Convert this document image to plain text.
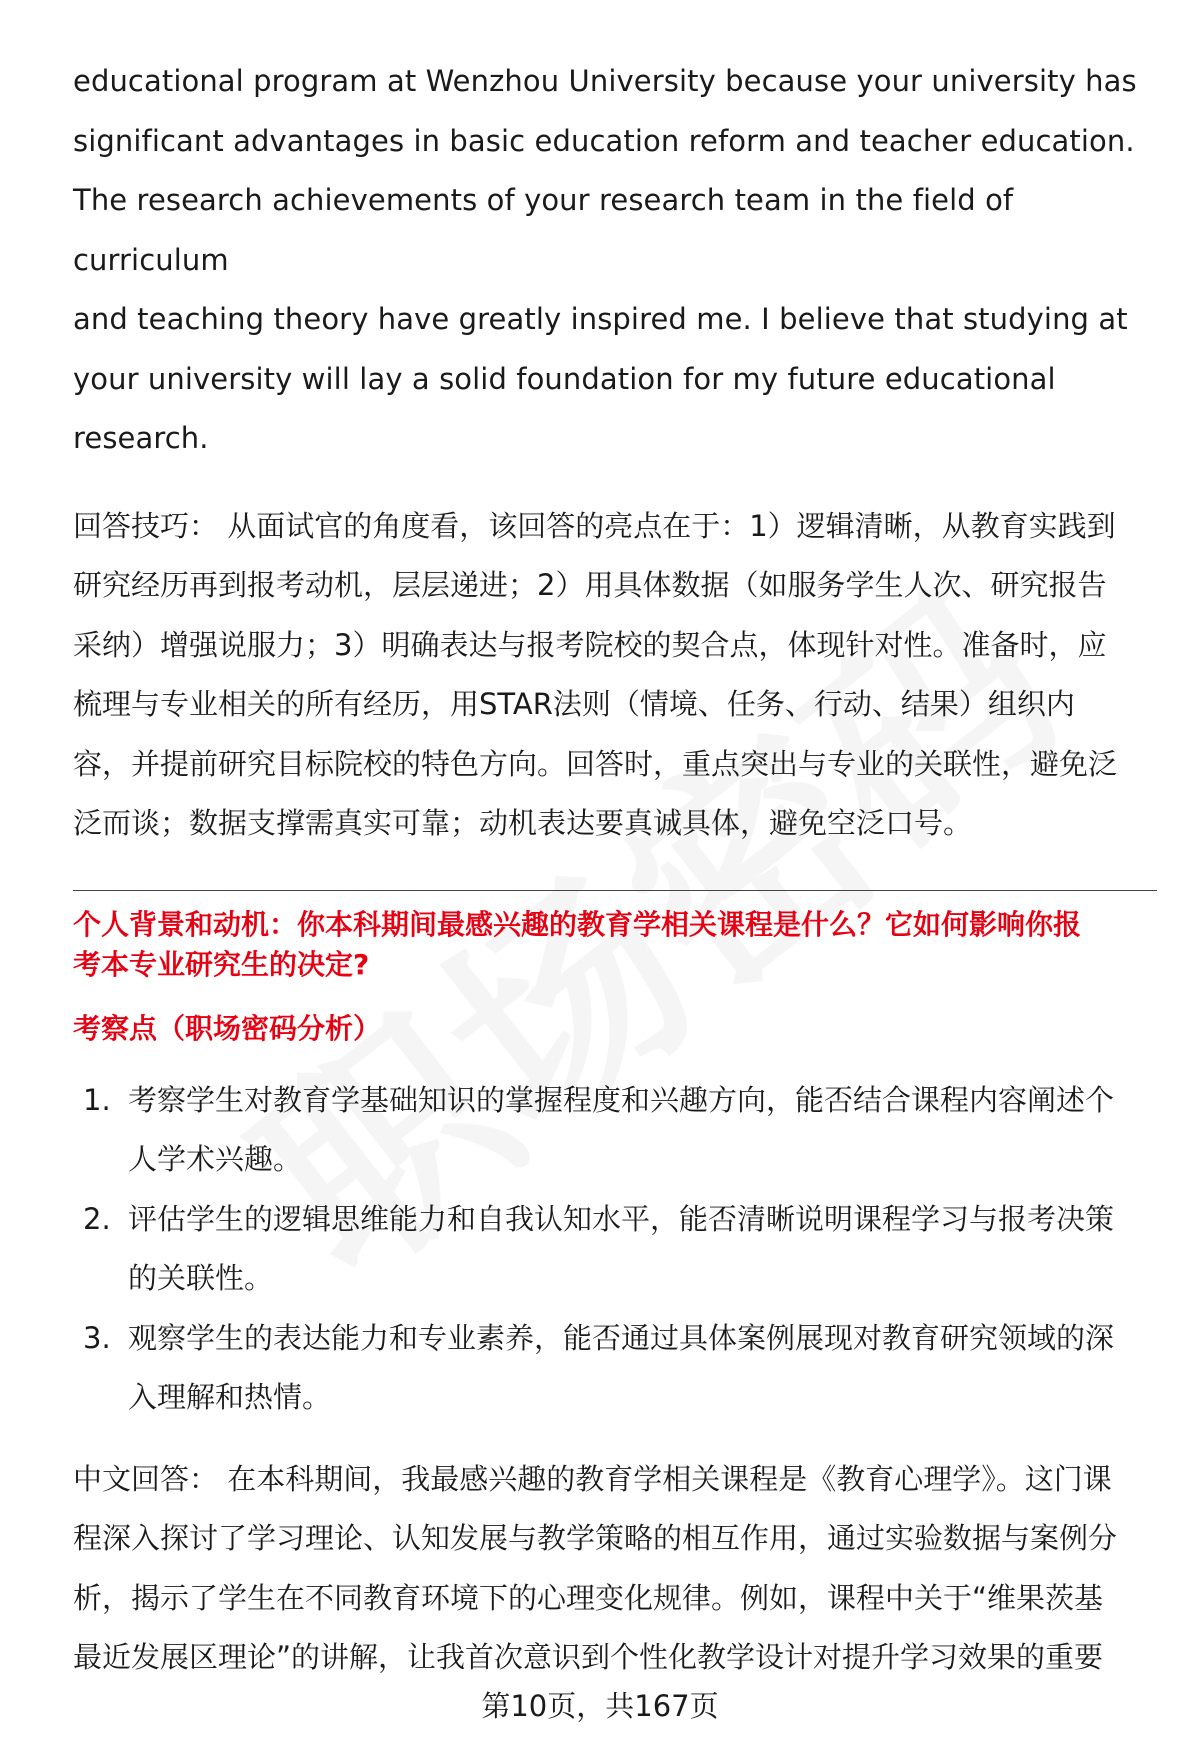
educational program at Wenzhou University because your university has
significant advantages in basic education reform and teacher education.
The research achievements of your research team in the field of curriculum
and teaching theory have greatly inspired me. I believe that studying at
your university will lay a solid foundation for my future educational
research.
回答技巧： 从面试官的角度看，该回答的亮点在于：1）逻辑清晰，从教育实践到
研究经历再到报考动机，层层递进；2）用具体数据（如服务学生人次、研究报告
采纳）增强说服力；3）明确表达与报考院校的契合点，体现针对性。准备时，应
梳理与专业相关的所有经历，用STAR法则（情境、任务、行动、结果）组织内
容，并提前研究目标院校的特色方向。回答时，重点突出与专业的关联性，避免泛
泛而谈；数据支撑需真实可靠；动机表达要真诚具体，避免空泛口号。
个人背景和动机：你本科期间最感兴趣的教育学相关课程是什么？它如何影响你报
考本专业研究生的决定?
考察点（职场密码分析）
1. 考察学生对教育学基础知识的掌握程度和兴趣方向，能否结合课程内容阐述个
人学术兴趣。
2. 评估学生的逻辑思维能力和自我认知水平，能否清晰说明课程学习与报考决策
的关联性。
3. 观察学生的表达能力和专业素养，能否通过具体案例展现对教育研究领域的深
入理解和热情。
中文回答： 在本科期间，我最感兴趣的教育学相关课程是《教育心理学》。这门课
程深入探讨了学习理论、认知发展与教学策略的相互作用，通过实验数据与案例分
析，揭示了学生在不同教育环境下的心理变化规律。例如，课程中关于“维果茨基
最近发展区理论”的讲解，让我首次意识到个性化教学设计对提升学习效果的重要
第10页，共167页
